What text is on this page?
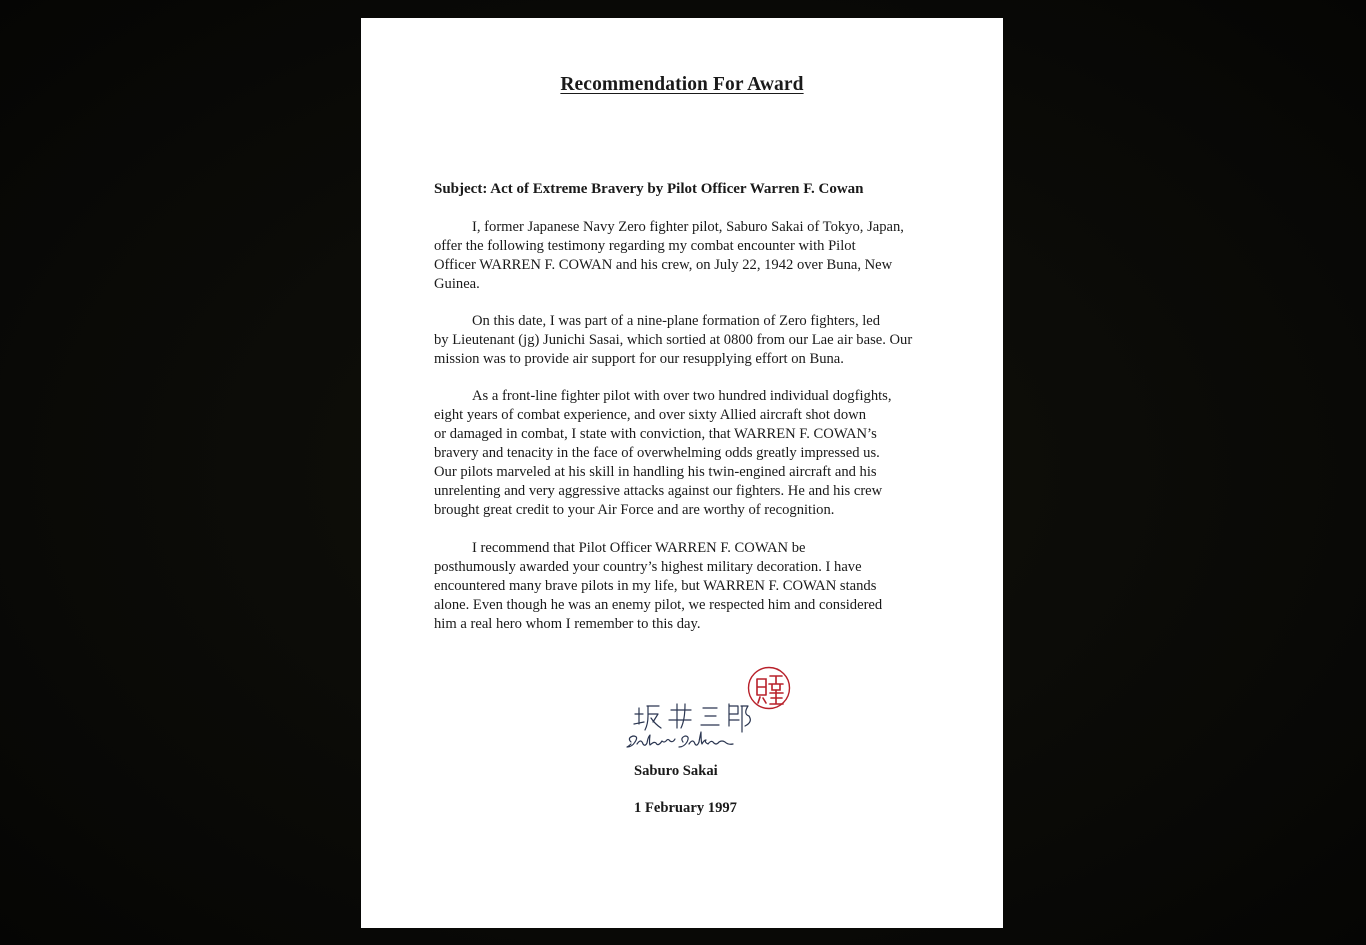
Recommendation For Award

Subject: Act of Extreme Bravery by Pilot Officer Warren F. Cowan

I, former Japanese Navy Zero fighter pilot, Saburo Sakai of Tokyo, Japan,
offer the following testimony regarding my combat encounter with Pilot
Officer WARREN F. COWAN and his crew, on July 22, 1942 over Buna, New
Guinea.

On this date, I was part of a nine-plane formation of Zero fighters, led
by Lieutenant (jg) Junichi Sasai, which sortied at 0800 from our Lae air base. Our
mission was to provide air support for our resupplying effort on Buna.

As a front-line fighter pilot with over two hundred individual dogfights,
eight years of combat experience, and over sixty Allied aircraft shot down
or damaged in combat, I state with conviction, that WARREN F. COWAN’s
bravery and tenacity in the face of overwhelming odds greatly impressed us.
Our pilots marveled at his skill in handling his twin-engined aircraft and his
unrelenting and very aggressive attacks against our fighters. He and his crew
brought great credit to your Air Force and are worthy of recognition.

I recommend that Pilot Officer WARREN F. COWAN be
posthumously awarded your country’s highest military decoration. I have
encountered many brave pilots in my life, but WARREN F. COWAN stands
alone. Even though he was an enemy pilot, we respected him and considered
him a real hero whom I remember to this day.

Saburo Sakai

1 February 1997
